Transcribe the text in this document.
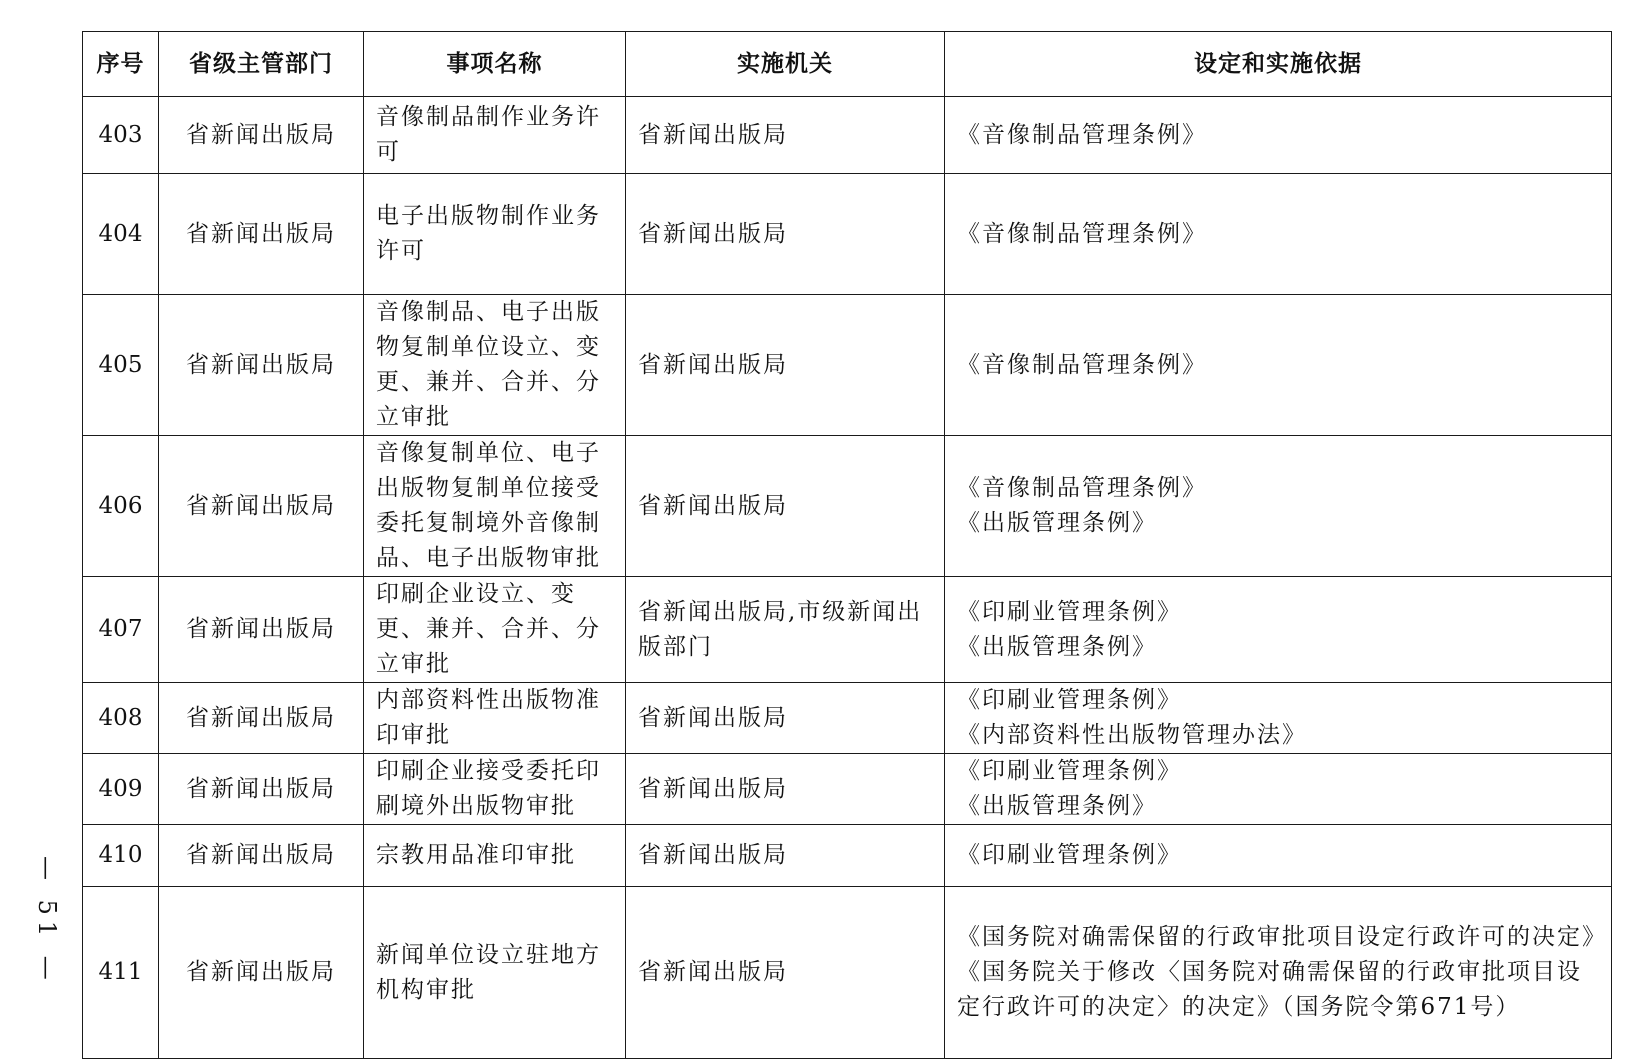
序号	省级主管部门	事项名称	实施机关	设定和实施依据
403	省新闻出版局	音像制品制作业务许可	省新闻出版局	《音像制品管理条例》

404	省新闻出版局	电子出版物制作业务许可	省新闻出版局	《音像制品管理条例》

405	省新闻出版局	音像制品、电子出版物复制单位设立、变更、兼并、合并、分立审批	省新闻出版局	《音像制品管理条例》

406	省新闻出版局	音像复制单位、电子出版物复制单位接受委托复制境外音像制品、电子出版物审批	省新闻出版局	《音像制品管理条例》
《出版管理条例》

407	省新闻出版局	印刷企业设立、变更、兼并、合并、分立审批	省新闻出版局,市级新闻出版部门	《印刷业管理条例》
《出版管理条例》

408	省新闻出版局	内部资料性出版物准印审批	省新闻出版局	《印刷业管理条例》
《内部资料性出版物管理办法》

409	省新闻出版局	印刷企业接受委托印刷境外出版物审批	省新闻出版局	《印刷业管理条例》
《出版管理条例》

410	省新闻出版局	宗教用品准印审批	省新闻出版局	《印刷业管理条例》

411	省新闻出版局	新闻单位设立驻地方机构审批	省新闻出版局	《国务院对确需保留的行政审批项目设定行政许可的决定》
《国务院关于修改〈国务院对确需保留的行政审批项目设定行政许可的决定〉的决定》（国务院令第671号）
— 51 —
